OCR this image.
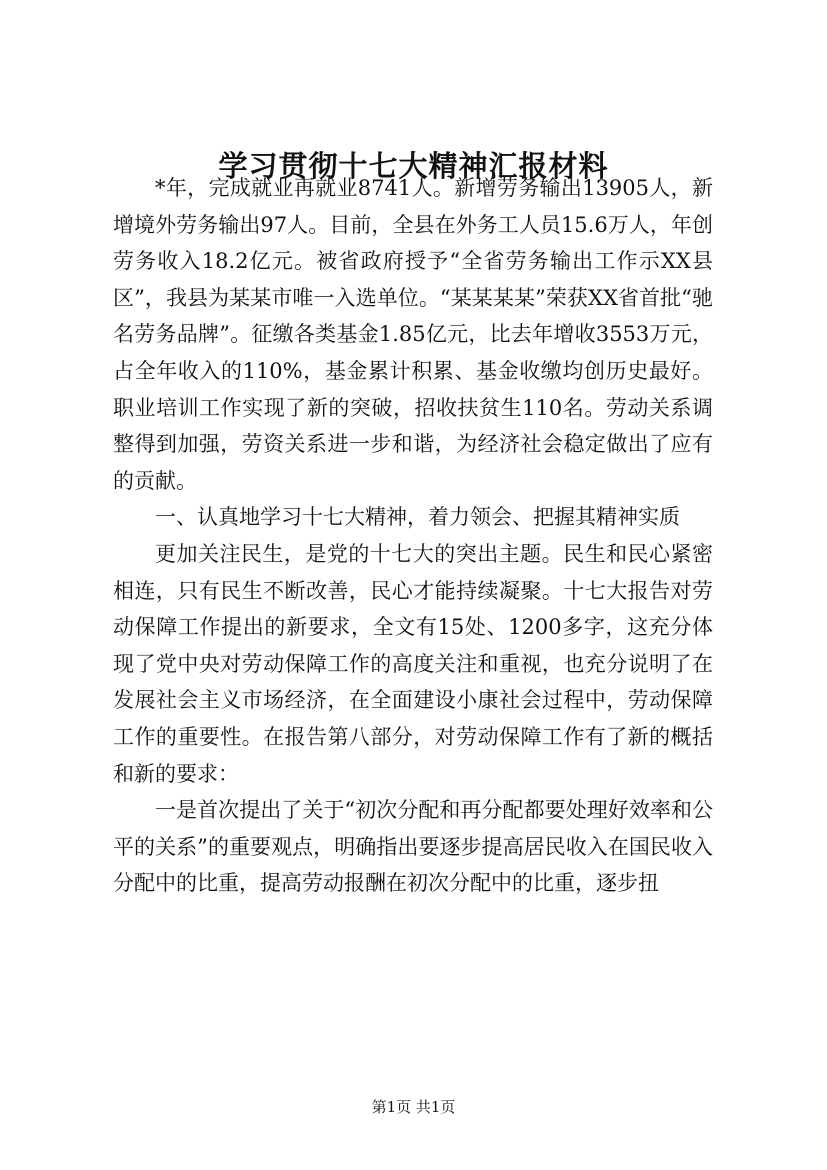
学习贯彻十七大精神汇报材料

*年，完成就业再就业8741人。新增劳务输出13905人，新增境外劳务输出97人。目前，全县在外务工人员15.6万人，年创劳务收入18.2亿元。被省政府授予“全省劳务输出工作示XX县区”，我县为某某市唯一入选单位。“某某某某”荣获XX省首批“驰名劳务品牌”。征缴各类基金1.85亿元，比去年增收3553万元，占全年收入的110%，基金累计积累、基金收缴均创历史最好。职业培训工作实现了新的突破，招收扶贫生110名。劳动关系调整得到加强，劳资关系进一步和谐，为经济社会稳定做出了应有的贡献。

一、认真地学习十七大精神，着力领会、把握其精神实质

更加关注民生，是党的十七大的突出主题。民生和民心紧密相连，只有民生不断改善，民心才能持续凝聚。十七大报告对劳动保障工作提出的新要求，全文有15处、1200多字，这充分体现了党中央对劳动保障工作的高度关注和重视，也充分说明了在发展社会主义市场经济，在全面建设小康社会过程中，劳动保障工作的重要性。在报告第八部分，对劳动保障工作有了新的概括和新的要求：

一是首次提出了关于“初次分配和再分配都要处理好效率和公平的关系”的重要观点，明确指出要逐步提高居民收入在国民收入分配中的比重，提高劳动报酬在初次分配中的比重，逐步扭

第1页 共1页
